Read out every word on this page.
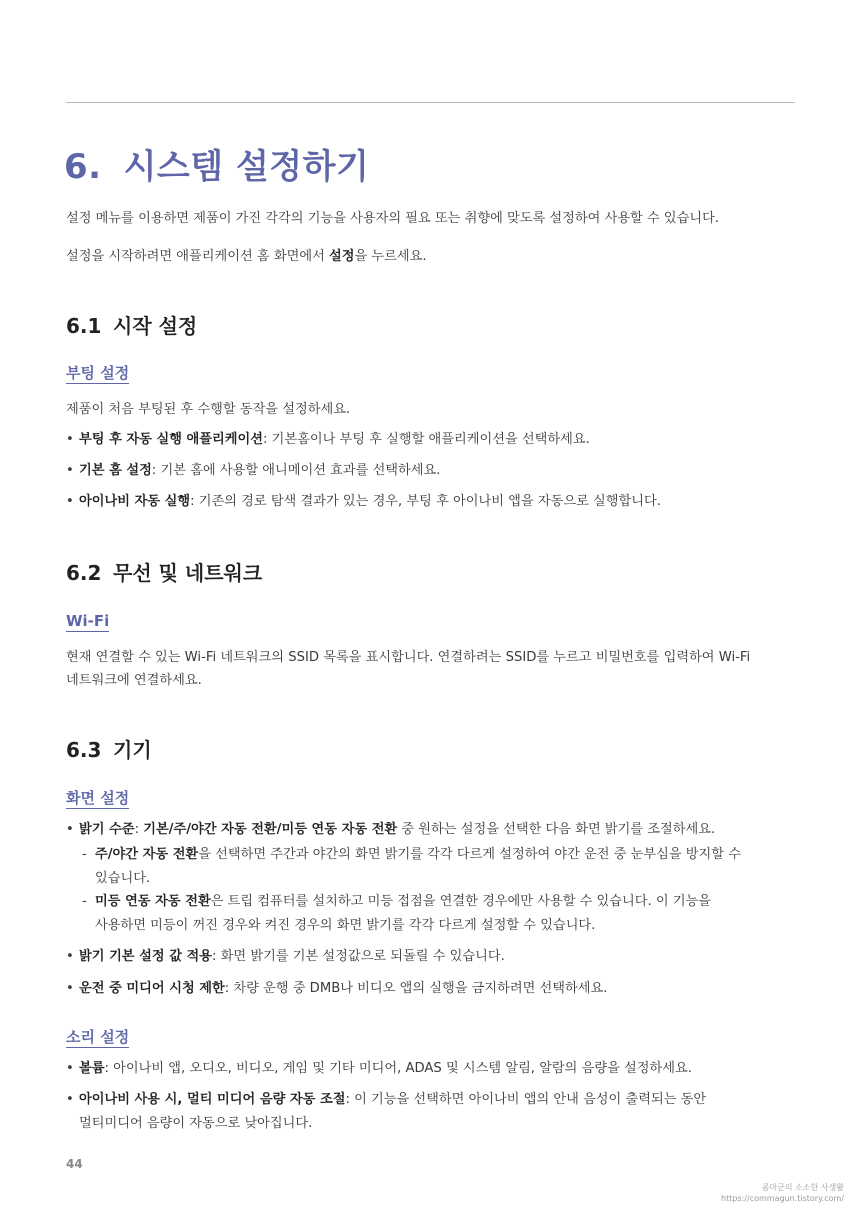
6. 시스템 설정하기
설정 메뉴를 이용하면 제품이 가진 각각의 기능을 사용자의 필요 또는 취향에 맞도록 설정하여 사용할 수 있습니다.
설정을 시작하려면 애플리케이션 홈 화면에서 설정을 누르세요.
6.1 시작 설정
부팅 설정
제품이 처음 부팅된 후 수행할 동작을 설정하세요.
• 부팅 후 자동 실행 애플리케이션: 기본홈이나 부팅 후 실행할 애플리케이션을 선택하세요.
• 기본 홈 설정: 기본 홈에 사용할 애니메이션 효과를 선택하세요.
• 아이나비 자동 실행: 기존의 경로 탐색 결과가 있는 경우, 부팅 후 아이나비 앱을 자동으로 실행합니다.
6.2 무선 및 네트워크
Wi-Fi
현재 연결할 수 있는 Wi-Fi 네트워크의 SSID 목록을 표시합니다. 연결하려는 SSID를 누르고 비밀번호를 입력하여 Wi-Fi
네트워크에 연결하세요.
6.3 기기
화면 설정
• 밝기 수준: 기본/주/야간 자동 전환/미등 연동 자동 전환 중 원하는 설정을 선택한 다음 화면 밝기를 조절하세요.
- 주/야간 자동 전환을 선택하면 주간과 야간의 화면 밝기를 각각 다르게 설정하여 야간 운전 중 눈부심을 방지할 수
있습니다.
- 미등 연동 자동 전환은 트립 컴퓨터를 설치하고 미등 접점을 연결한 경우에만 사용할 수 있습니다. 이 기능을
사용하면 미등이 꺼진 경우와 켜진 경우의 화면 밝기를 각각 다르게 설정할 수 있습니다.
• 밝기 기본 설정 값 적용: 화면 밝기를 기본 설정값으로 되돌릴 수 있습니다.
• 운전 중 미디어 시청 제한: 차량 운행 중 DMB나 비디오 앱의 실행을 금지하려면 선택하세요.
소리 설정
• 볼륨: 아이나비 앱, 오디오, 비디오, 게임 및 기타 미디어, ADAS 및 시스템 알림, 알람의 음량을 설정하세요.
• 아이나비 사용 시, 멀티 미디어 음량 자동 조절: 이 기능을 선택하면 아이나비 앱의 안내 음성이 출력되는 동안
멀티미디어 음량이 자동으로 낮아집니다.
44
콤마군의 소소한 사생활
https://commagun.tistory.com/
